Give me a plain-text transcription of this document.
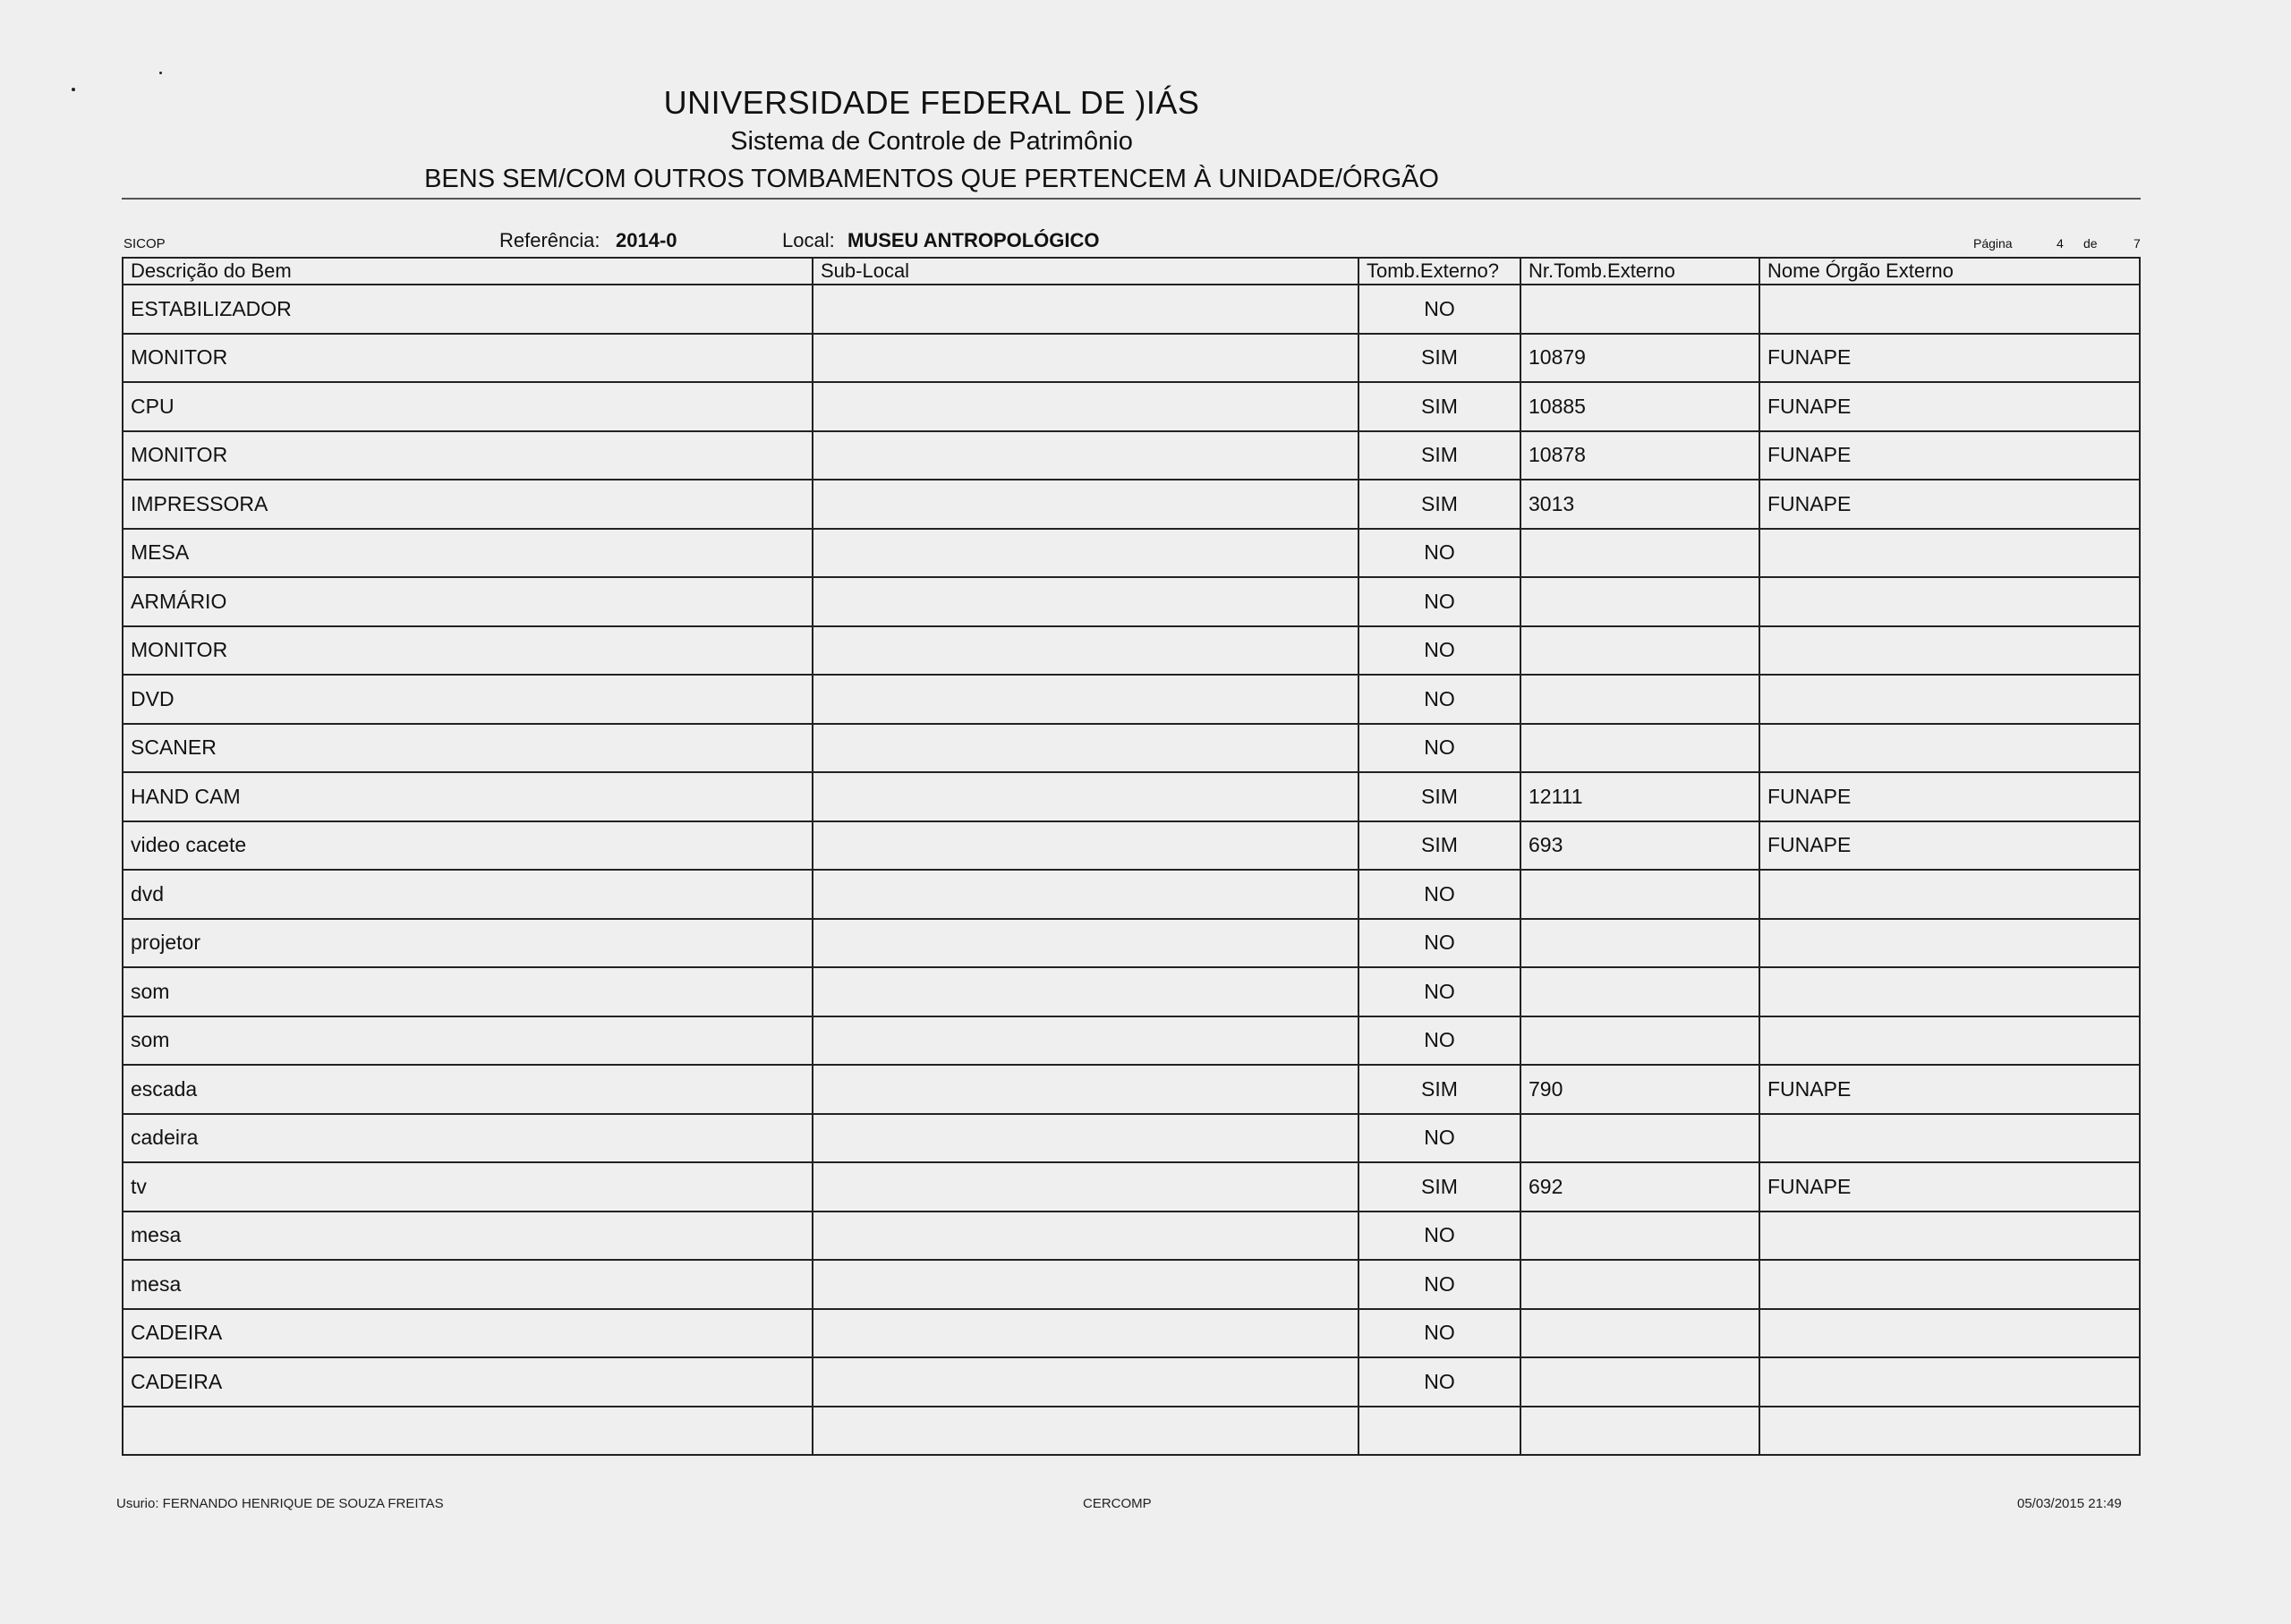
UNIVERSIDADE FEDERAL DE ⁠)IÁS
Sistema de Controle de Patrimônio
BENS SEM/COM OUTROS TOMBAMENTOS QUE PERTENCEM À UNIDADE/ÓRGÃO
SICOP	Referência: 2014-0	Local: MUSEU ANTROPOLÓGICO	Página	4 de	7
Descrição do Bem	Sub-Local	Tomb.Externo?	Nr.Tomb.Externo	Nome Órgão Externo
ESTABILIZADOR		NO		
MONITOR		SIM	10879	FUNAPE
CPU		SIM	10885	FUNAPE
MONITOR		SIM	10878	FUNAPE
IMPRESSORA		SIM	3013	FUNAPE
MESA		NO		
ARMÁRIO		NO		
MONITOR		NO		
DVD		NO		
SCANER		NO		
HAND CAM		SIM	12111	FUNAPE
video cacete		SIM	693	FUNAPE
dvd		NO		
projetor		NO		
som		NO		
som		NO		
escada		SIM	790	FUNAPE
cadeira		NO		
tv		SIM	692	FUNAPE
mesa		NO		
mesa		NO		
CADEIRA		NO		
CADEIRA		NO		

Usurio: FERNANDO HENRIQUE DE SOUZA FREITAS	CERCOMP	05/03/2015 21:49
